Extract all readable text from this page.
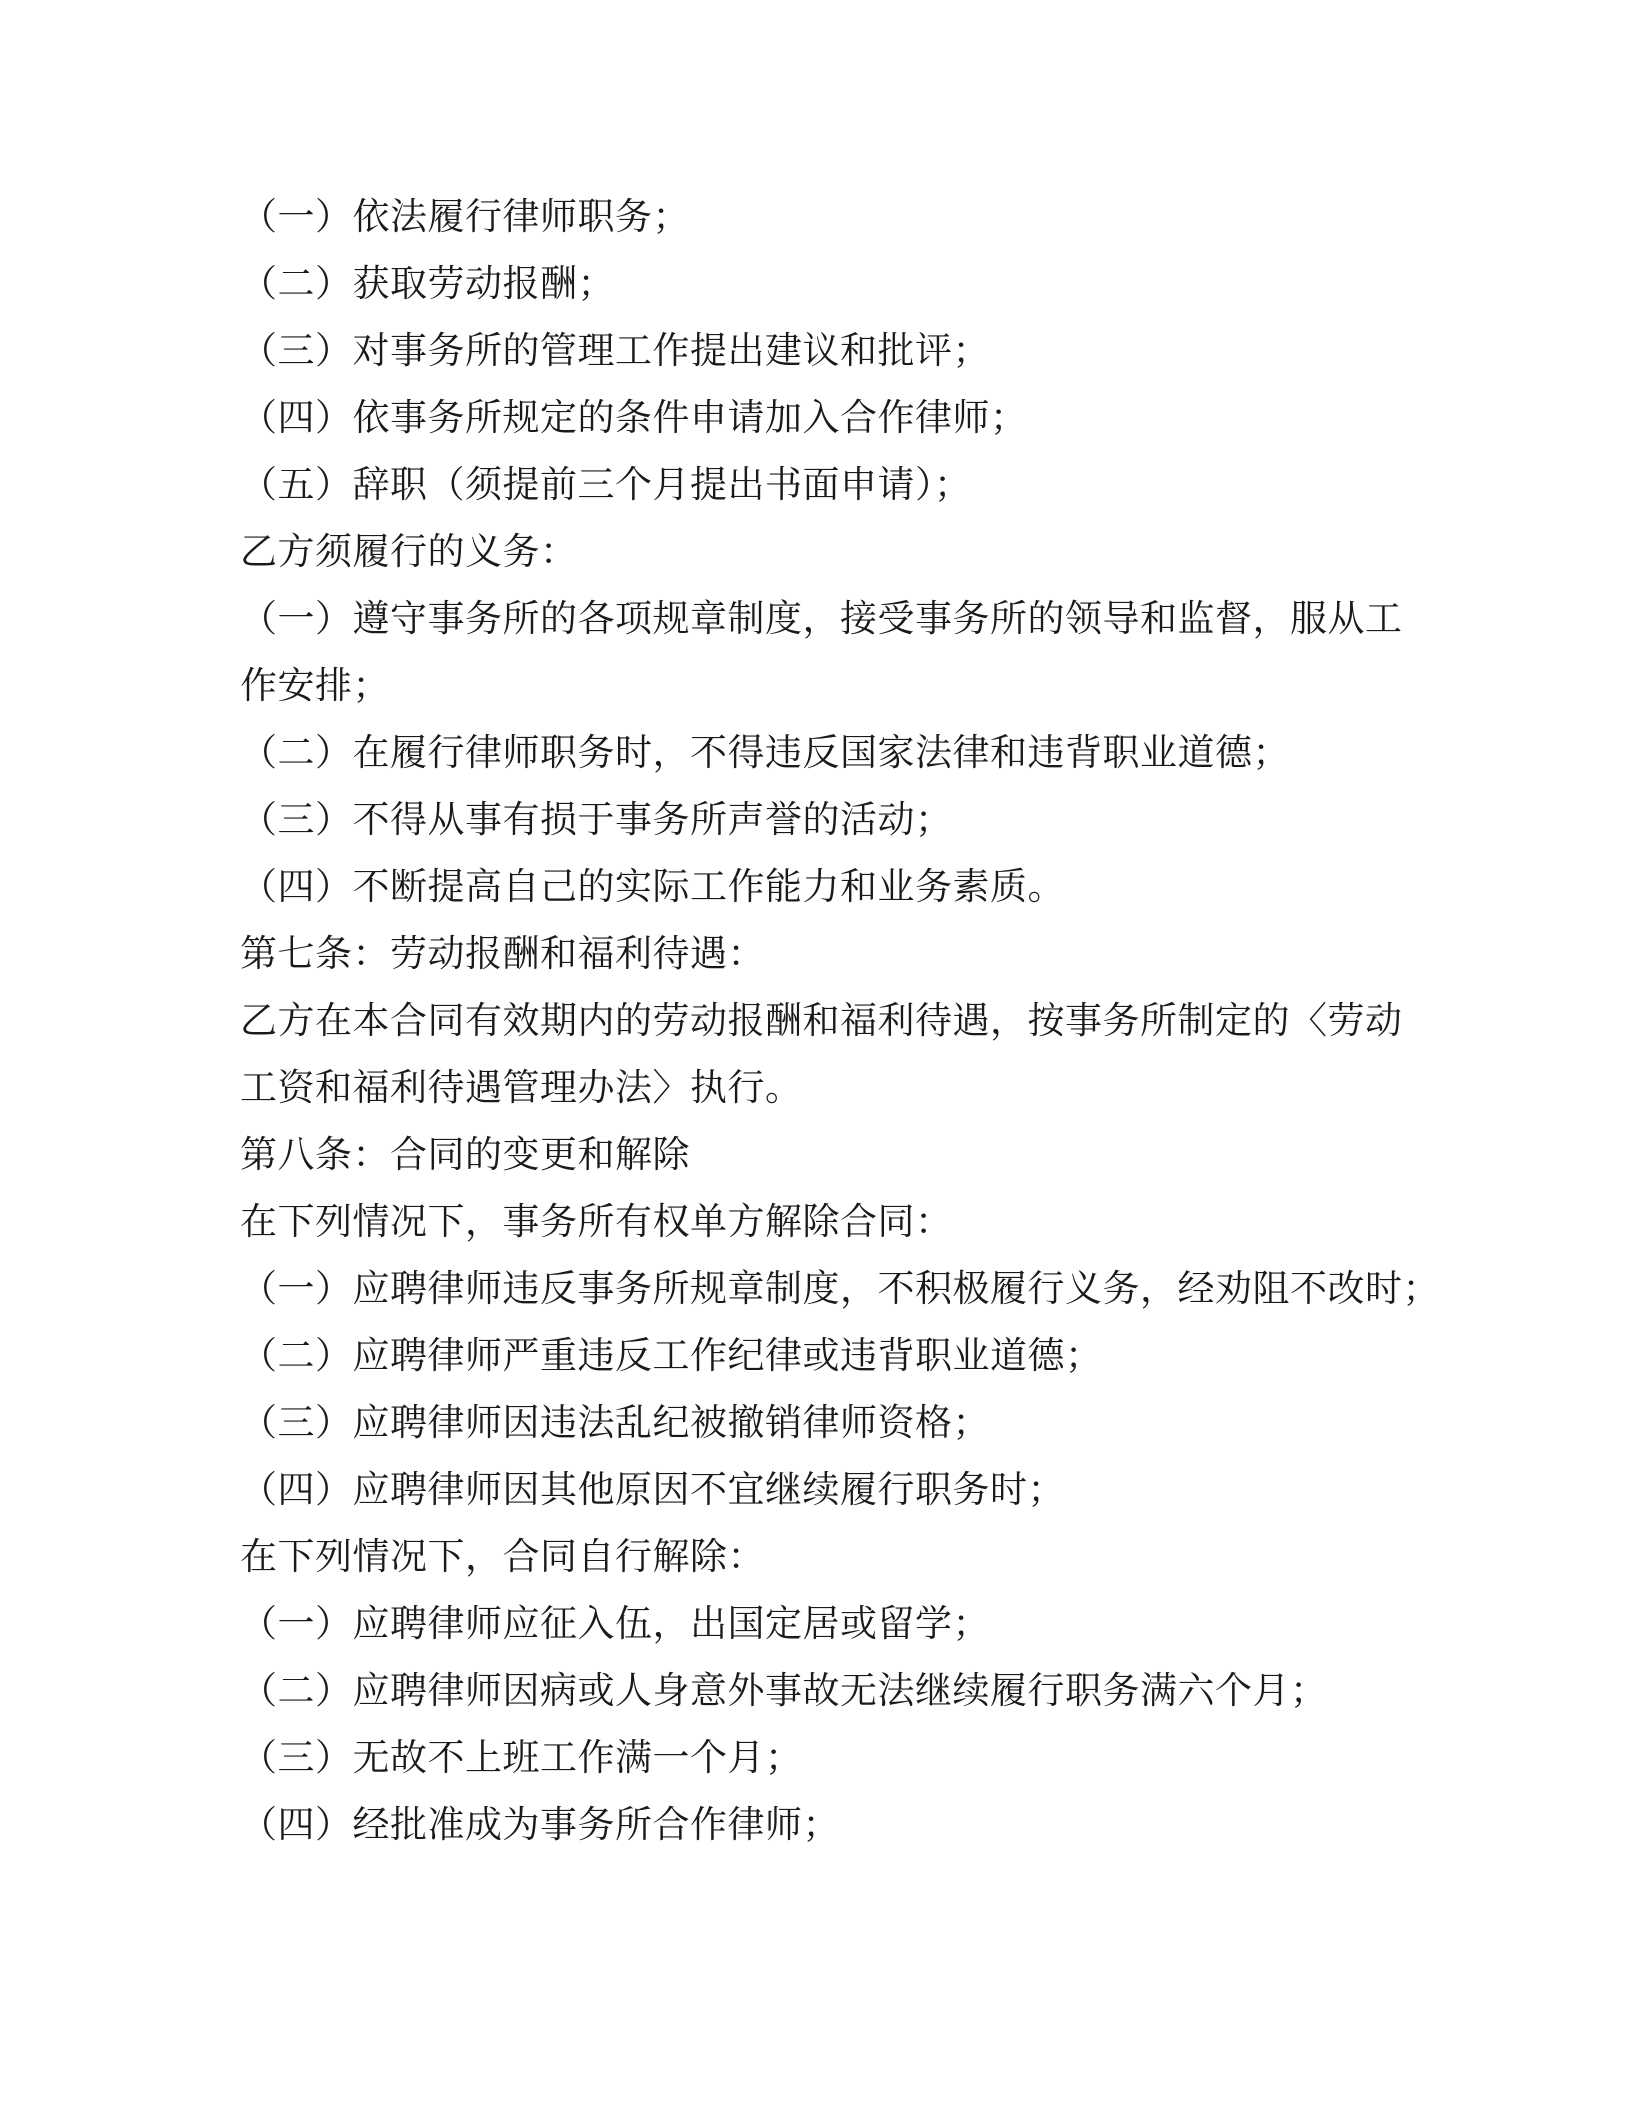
（一）依法履行律师职务；
（二）获取劳动报酬；
（三）对事务所的管理工作提出建议和批评；
（四）依事务所规定的条件申请加入合作律师；
（五）辞职（须提前三个月提出书面申请）；
乙方须履行的义务：
（一）遵守事务所的各项规章制度，接受事务所的领导和监督，服从工
作安排；
（二）在履行律师职务时，不得违反国家法律和违背职业道德；
（三）不得从事有损于事务所声誉的活动；
（四）不断提高自己的实际工作能力和业务素质。
第七条：劳动报酬和福利待遇：
乙方在本合同有效期内的劳动报酬和福利待遇，按事务所制定的〈劳动
工资和福利待遇管理办法〉执行。
第八条：合同的变更和解除
在下列情况下，事务所有权单方解除合同：
（一）应聘律师违反事务所规章制度，不积极履行义务，经劝阻不改时；
（二）应聘律师严重违反工作纪律或违背职业道德；
（三）应聘律师因违法乱纪被撤销律师资格；
（四）应聘律师因其他原因不宜继续履行职务时；
在下列情况下，合同自行解除：
（一）应聘律师应征入伍，出国定居或留学；
（二）应聘律师因病或人身意外事故无法继续履行职务满六个月；
（三）无故不上班工作满一个月；
（四）经批准成为事务所合作律师；
